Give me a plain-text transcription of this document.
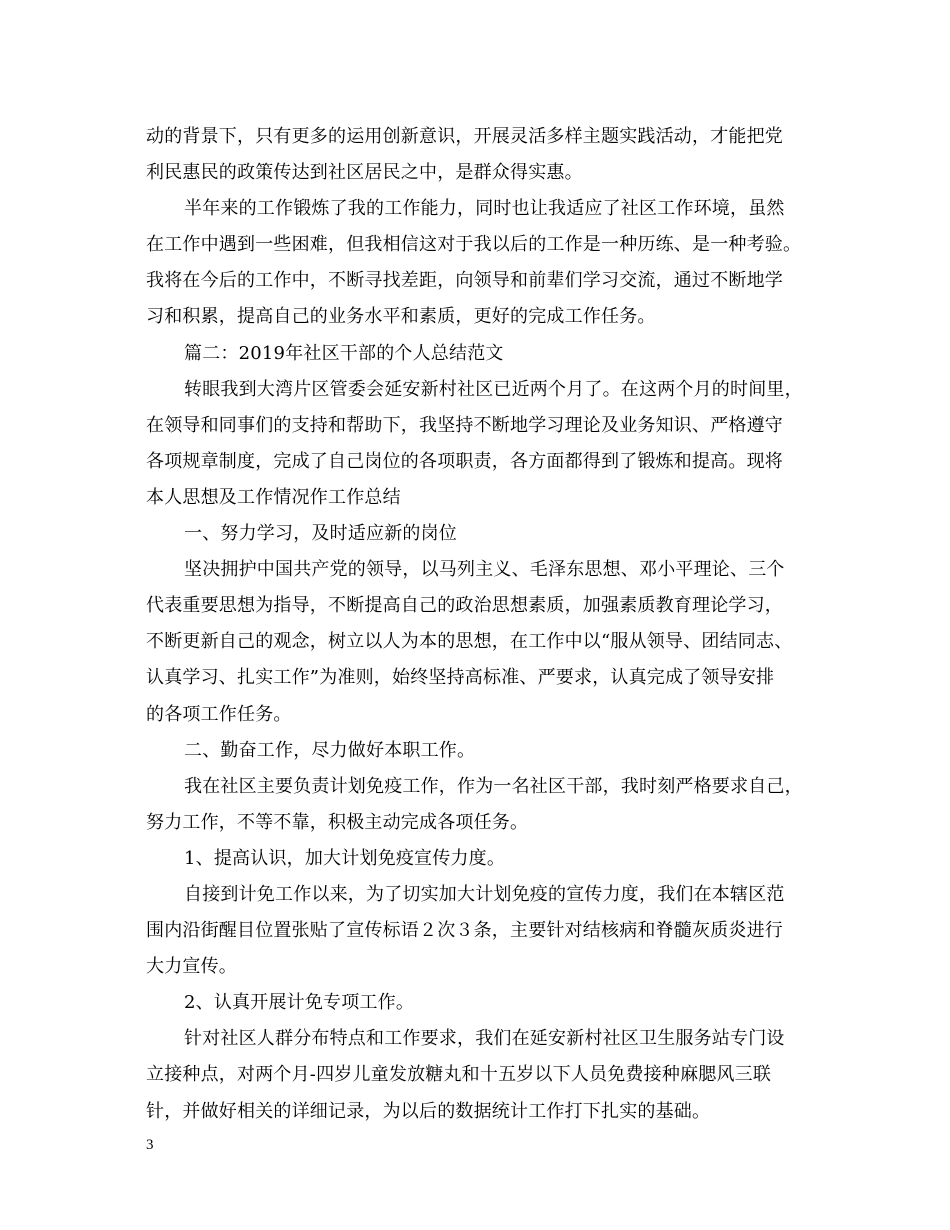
动的背景下，只有更多的运用创新意识，开展灵活多样主题实践活动，才能把党
利民惠民的政策传达到社区居民之中，是群众得实惠。
半年来的工作锻炼了我的工作能力，同时也让我适应了社区工作环境，虽然
在工作中遇到一些困难，但我相信这对于我以后的工作是一种历练、是一种考验。
我将在今后的工作中，不断寻找差距，向领导和前辈们学习交流，通过不断地学
习和积累，提高自己的业务水平和素质，更好的完成工作任务。
篇二：2019年社区干部的个人总结范文
转眼我到大湾片区管委会延安新村社区已近两个月了。在这两个月的时间里，
在领导和同事们的支持和帮助下，我坚持不断地学习理论及业务知识、严格遵守
各项规章制度，完成了自己岗位的各项职责，各方面都得到了锻炼和提高。现将
本人思想及工作情况作工作总结
一、努力学习，及时适应新的岗位
坚决拥护中国共产党的领导，以马列主义、毛泽东思想、邓小平理论、三个
代表重要思想为指导，不断提高自己的政治思想素质，加强素质教育理论学习，
不断更新自己的观念，树立以人为本的思想，在工作中以“服从领导、团结同志、
认真学习、扎实工作”为准则，始终坚持高标准、严要求，认真完成了领导安排
的各项工作任务。
二、勤奋工作，尽力做好本职工作。
我在社区主要负责计划免疫工作，作为一名社区干部，我时刻严格要求自己，
努力工作，不等不靠，积极主动完成各项任务。
1、提高认识，加大计划免疫宣传力度。
自接到计免工作以来，为了切实加大计划免疫的宣传力度，我们在本辖区范
围内沿街醒目位置张贴了宣传标语２次３条，主要针对结核病和脊髓灰质炎进行
大力宣传。
2、认真开展计免专项工作。
针对社区人群分布特点和工作要求，我们在延安新村社区卫生服务站专门设
立接种点，对两个月-四岁儿童发放糖丸和十五岁以下人员免费接种麻腮风三联
针，并做好相关的详细记录，为以后的数据统计工作打下扎实的基础。
3
